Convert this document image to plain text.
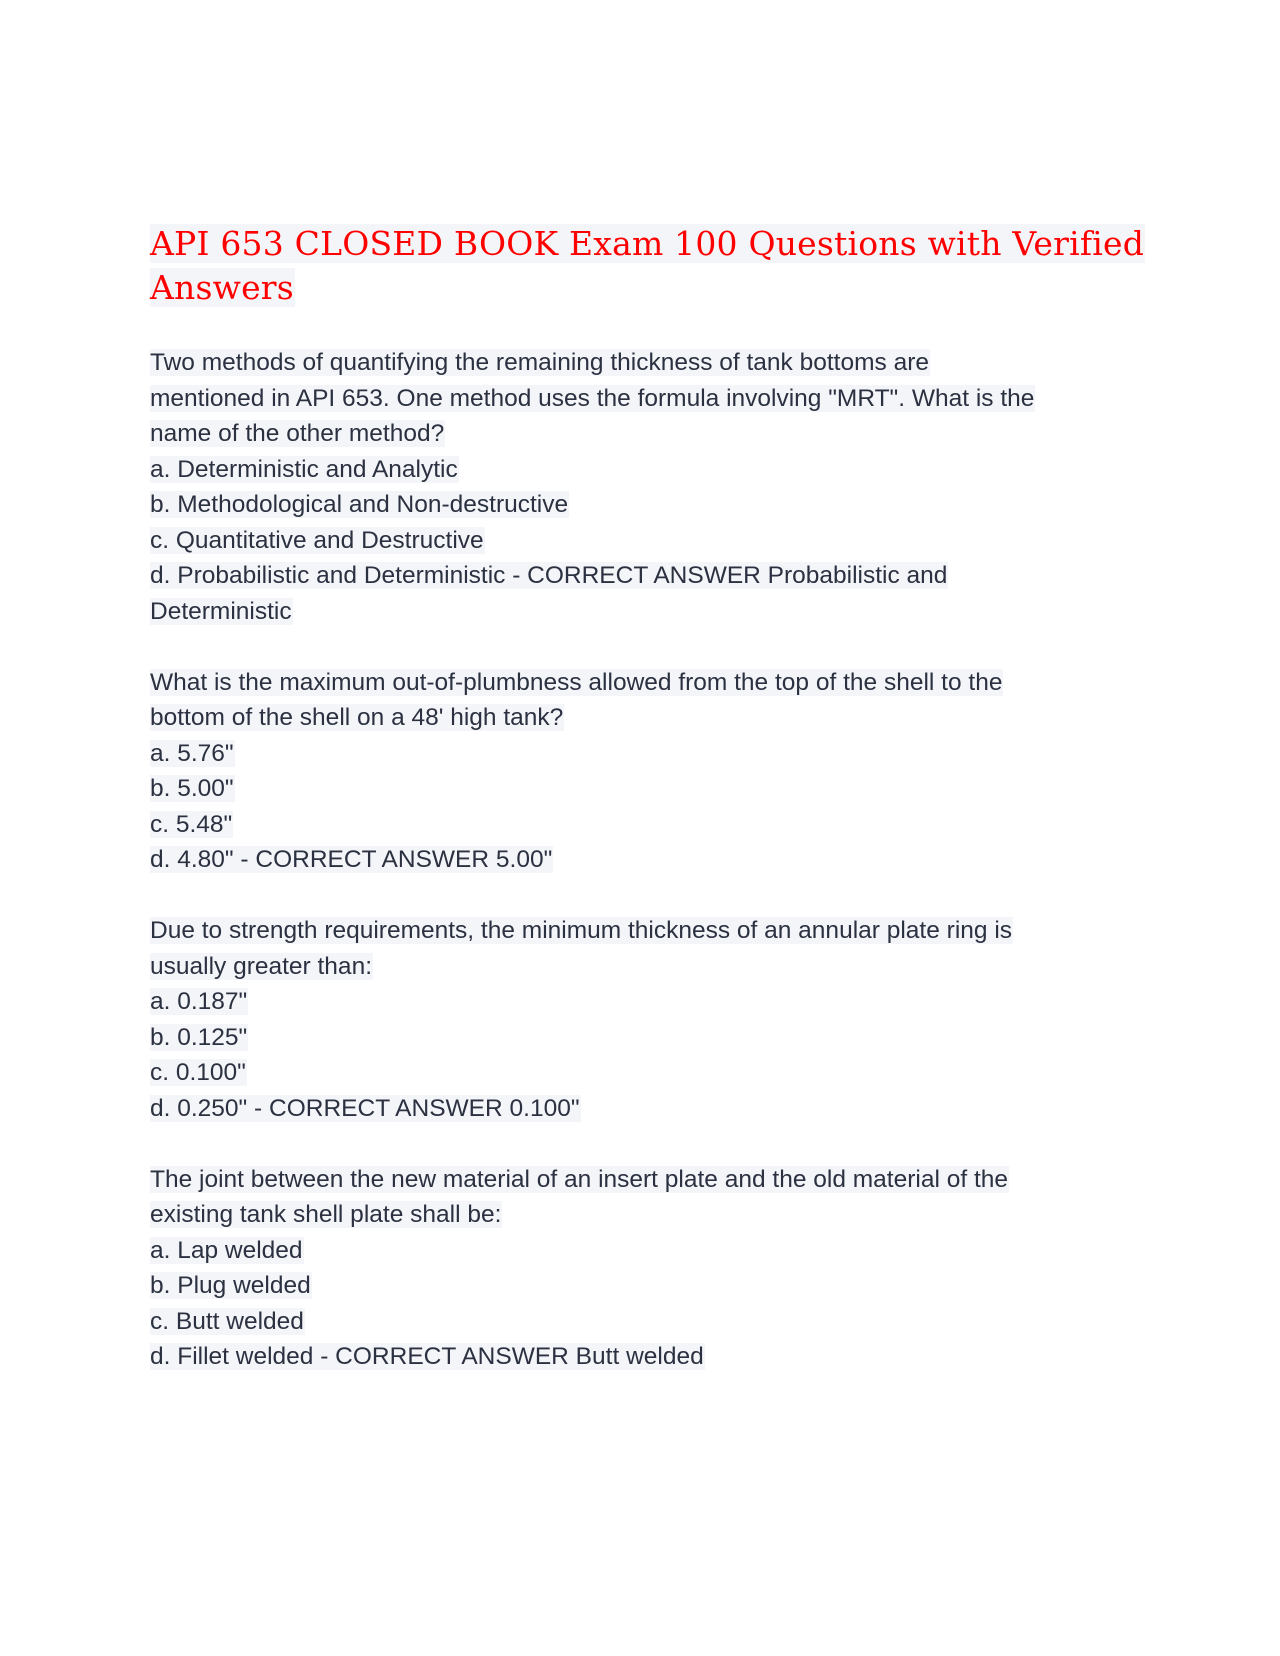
API 653 CLOSED BOOK Exam 100 Questions with Verified
Answers
Two methods of quantifying the remaining thickness of tank bottoms are
mentioned in API 653. One method uses the formula involving "MRT". What is the
name of the other method?
a. Deterministic and Analytic
b. Methodological and Non-destructive
c. Quantitative and Destructive
d. Probabilistic and Deterministic - CORRECT ANSWER Probabilistic and
Deterministic
What is the maximum out-of-plumbness allowed from the top of the shell to the
bottom of the shell on a 48' high tank?
a. 5.76"
b. 5.00"
c. 5.48"
d. 4.80" - CORRECT ANSWER 5.00"
Due to strength requirements, the minimum thickness of an annular plate ring is
usually greater than:
a. 0.187"
b. 0.125"
c. 0.100"
d. 0.250" - CORRECT ANSWER 0.100"
The joint between the new material of an insert plate and the old material of the
existing tank shell plate shall be:
a. Lap welded
b. Plug welded
c. Butt welded
d. Fillet welded - CORRECT ANSWER Butt welded
